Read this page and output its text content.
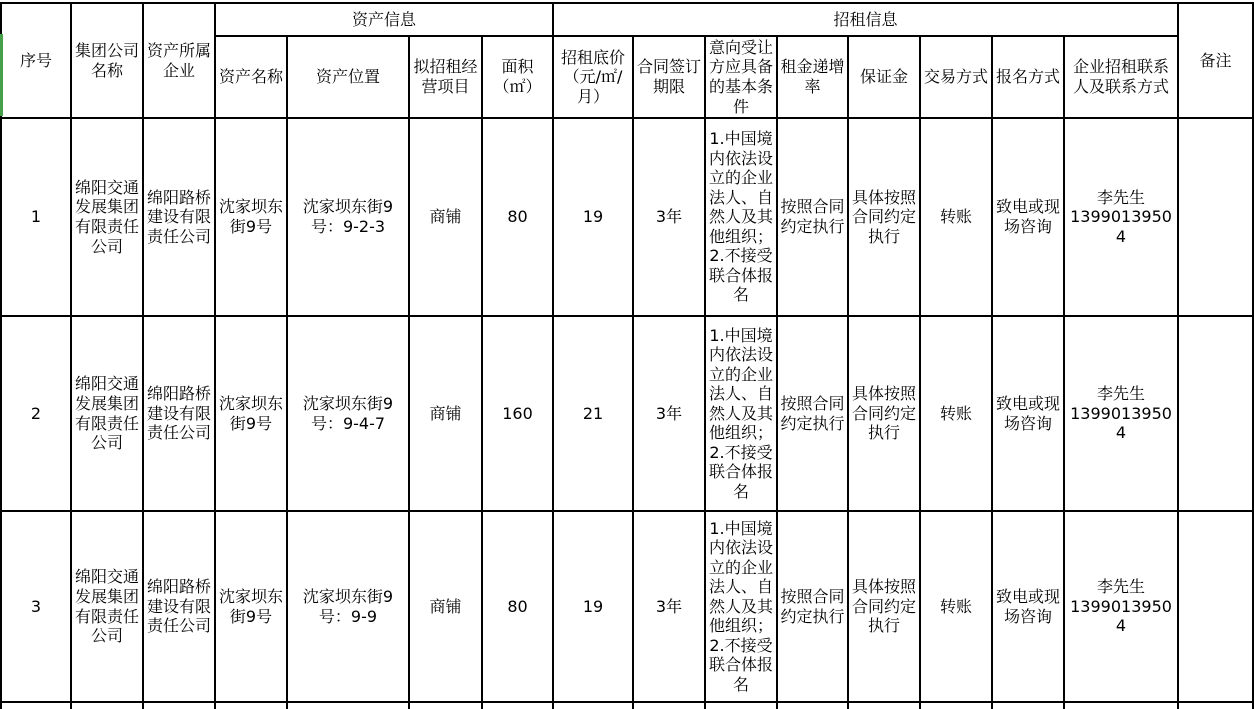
序号	集团公司名称	资产所属企业	资产信息				招租信息								备注
			资产名称	资产位置	拟招租经营项目	面积（㎡）	招租底价（元/㎡/月）	合同签订期限	意向受让方应具备的基本条件	租金递增率	保证金	交易方式	报名方式	企业招租联系人及联系方式	
1	绵阳交通发展集团有限责任公司	绵阳路桥建设有限责任公司	沈家坝东街9号	沈家坝东街9号：9-2-3	商铺	80	19	3年	1.中国境内依法设立的企业法人、自然人及其他组织；2.不接受联合体报名	按照合同约定执行	具体按照合同约定执行	转账	致电或现场咨询	李先生13990139504	
2	绵阳交通发展集团有限责任公司	绵阳路桥建设有限责任公司	沈家坝东街9号	沈家坝东街9号：9-4-7	商铺	160	21	3年	1.中国境内依法设立的企业法人、自然人及其他组织；2.不接受联合体报名	按照合同约定执行	具体按照合同约定执行	转账	致电或现场咨询	李先生13990139504	
3	绵阳交通发展集团有限责任公司	绵阳路桥建设有限责任公司	沈家坝东街9号	沈家坝东街9号：9-9	商铺	80	19	3年	1.中国境内依法设立的企业法人、自然人及其他组织；2.不接受联合体报名	按照合同约定执行	具体按照合同约定执行	转账	致电或现场咨询	李先生13990139504	
